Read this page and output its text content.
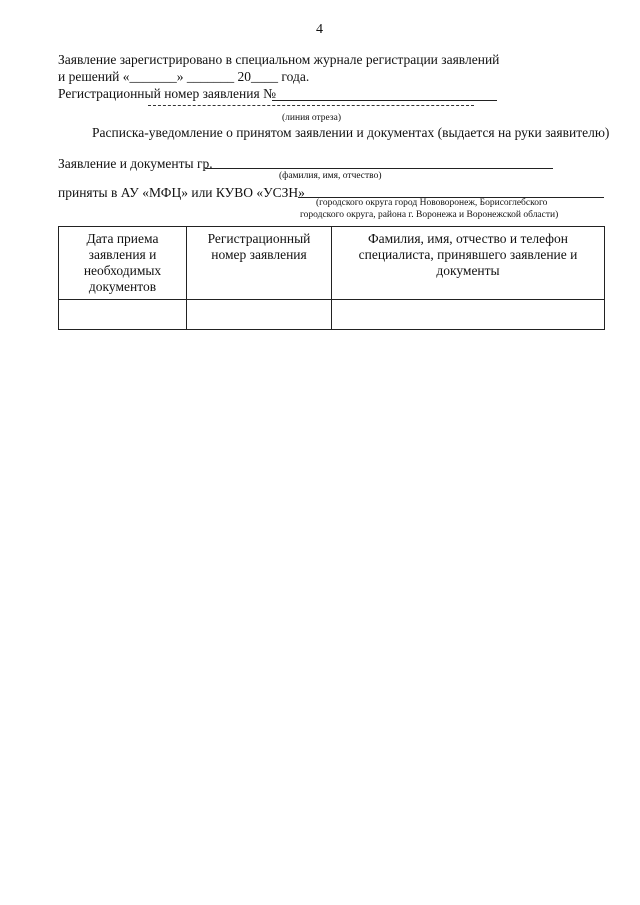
4
Заявление зарегистрировано в специальном журнале регистрации заявлений
и решений «_______» _______ 20____ года.
Регистрационный номер заявления №
(линия отреза)
Расписка-уведомление о принятом заявлении и документах (выдается на руки заявителю)
Заявление и документы гр.
(фамилия, имя, отчество)
приняты в АУ «МФЦ» или КУВО «УСЗН»
(городского округа город Нововоронеж, Борисоглебского
городского округа, района г. Воронежа и Воронежской области)
Дата приема заявления и необходимых документов	Регистрационный номер заявления	Фамилия, имя, отчество и телефон специалиста, принявшего заявление и документы
